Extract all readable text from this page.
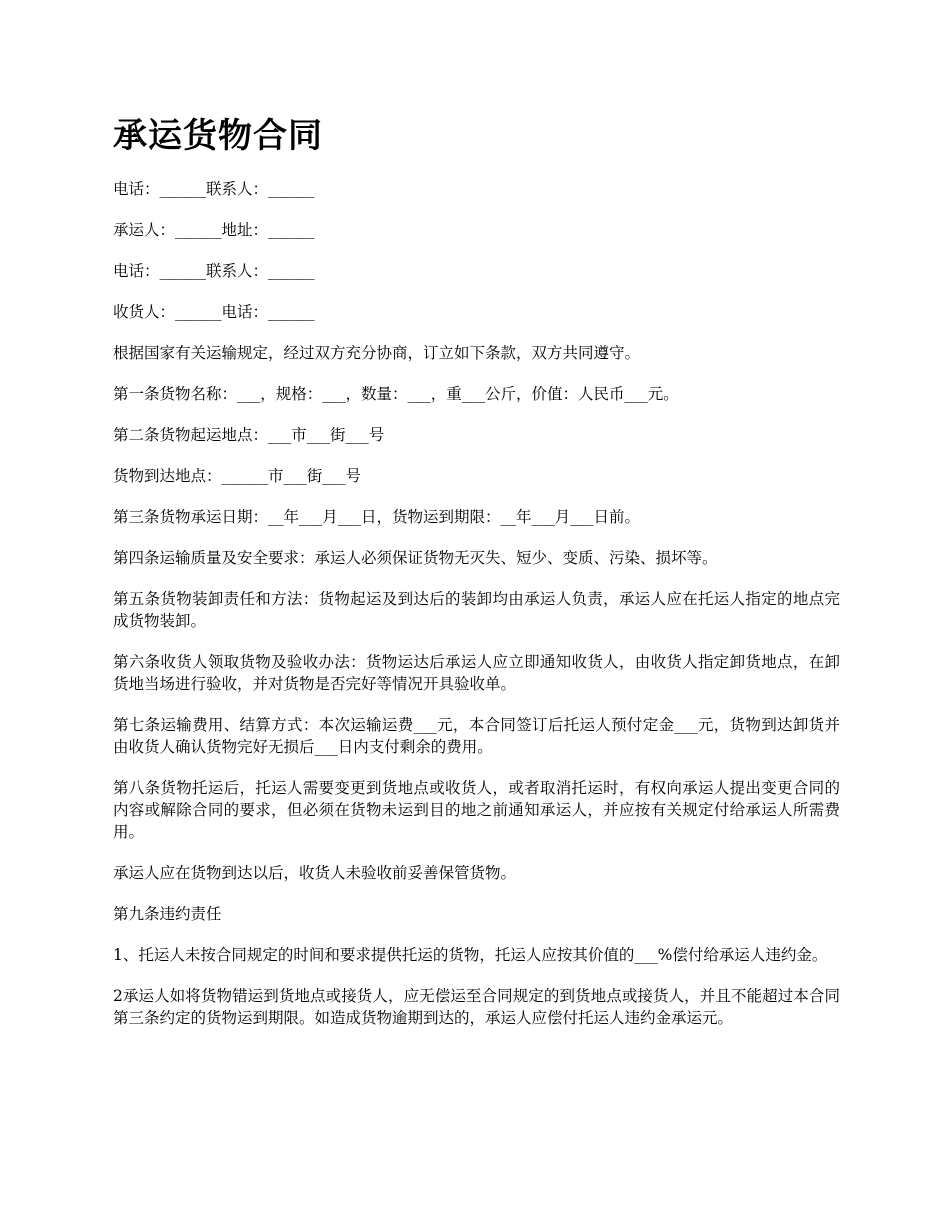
承运货物合同

电话：______联系人：______

承运人：______地址：______

电话：______联系人：______

收货人：______电话：______

根据国家有关运输规定，经过双方充分协商，订立如下条款，双方共同遵守。

第一条货物名称：___，规格：___，数量：___，重___公斤，价值：人民币___元。

第二条货物起运地点：___市___街___号

货物到达地点：______市___街___号

第三条货物承运日期：__年___月___日，货物运到期限：__年___月___日前。

第四条运输质量及安全要求：承运人必须保证货物无灭失、短少、变质、污染、损坏等。

第五条货物装卸责任和方法：货物起运及到达后的装卸均由承运人负责，承运人应在托运人指定的地点完成货物装卸。

第六条收货人领取货物及验收办法：货物运达后承运人应立即通知收货人，由收货人指定卸货地点，在卸货地当场进行验收，并对货物是否完好等情况开具验收单。

第七条运输费用、结算方式：本次运输运费___元，本合同签订后托运人预付定金___元，货物到达卸货并由收货人确认货物完好无损后___日内支付剩余的费用。

第八条货物托运后，托运人需要变更到货地点或收货人，或者取消托运时，有权向承运人提出变更合同的内容或解除合同的要求，但必须在货物未运到目的地之前通知承运人，并应按有关规定付给承运人所需费用。

承运人应在货物到达以后，收货人未验收前妥善保管货物。

第九条违约责任

1、托运人未按合同规定的时间和要求提供托运的货物，托运人应按其价值的___%偿付给承运人违约金。

2承运人如将货物错运到货地点或接货人，应无偿运至合同规定的到货地点或接货人，并且不能超过本合同第三条约定的货物运到期限。如造成货物逾期到达的，承运人应偿付托运人违约金承运元。
